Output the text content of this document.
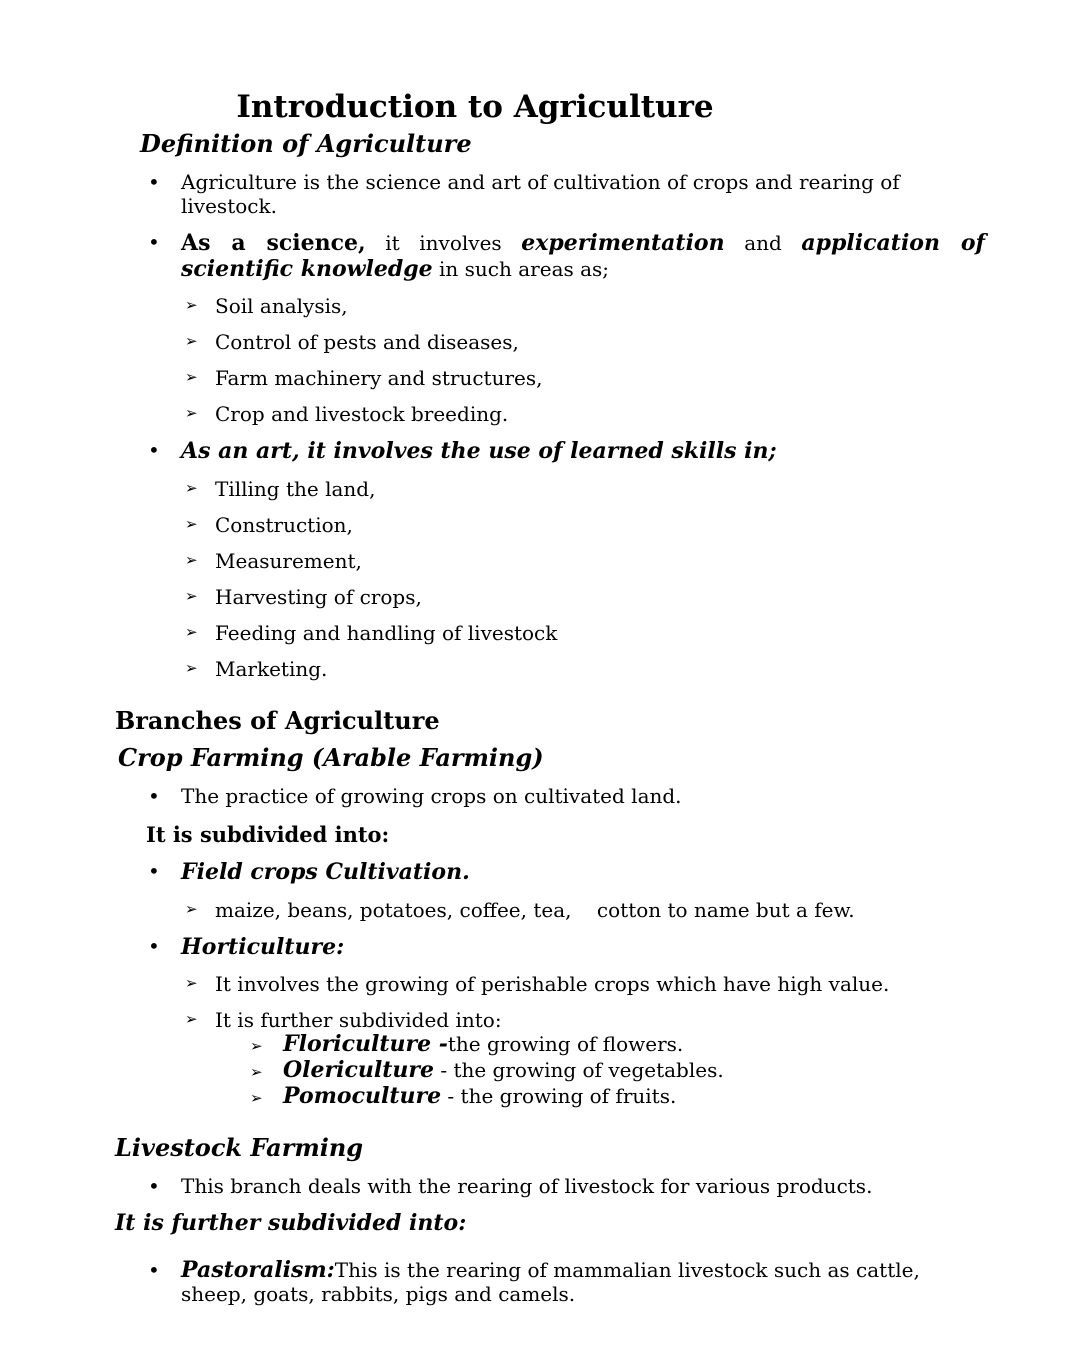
Introduction to Agriculture
Definition of Agriculture
•	Agriculture is the science and art of cultivation of crops and rearing of livestock.
• As a science, it involves experimentation and application of scientific knowledge in such areas as;
➢ Soil analysis,
➢ Control of pests and diseases,
➢ Farm machinery and structures,
➢ Crop and livestock breeding.
• As an art, it involves the use of learned skills in;
➢ Tilling the land,
➢ Construction,
➢ Measurement,
➢ Harvesting of crops,
➢ Feeding and handling of livestock
➢ Marketing.
Branches of Agriculture
Crop Farming (Arable Farming)
•	The practice of growing crops on cultivated land.
It is subdivided into:
• Field crops Cultivation.
➢ maize, beans, potatoes, coffee, tea,    cotton to name but a few.
• Horticulture:
➢ It involves the growing of perishable crops which have high value.
➢ It is further subdivided into:
➢ Floriculture -the growing of flowers.
➢ Olericulture - the growing of vegetables.
➢ Pomoculture - the growing of fruits.
Livestock Farming
•	This branch deals with the rearing of livestock for various products.
It is further subdivided into:
• Pastoralism:This is the rearing of mammalian livestock such as cattle, sheep, goats, rabbits, pigs and camels.
